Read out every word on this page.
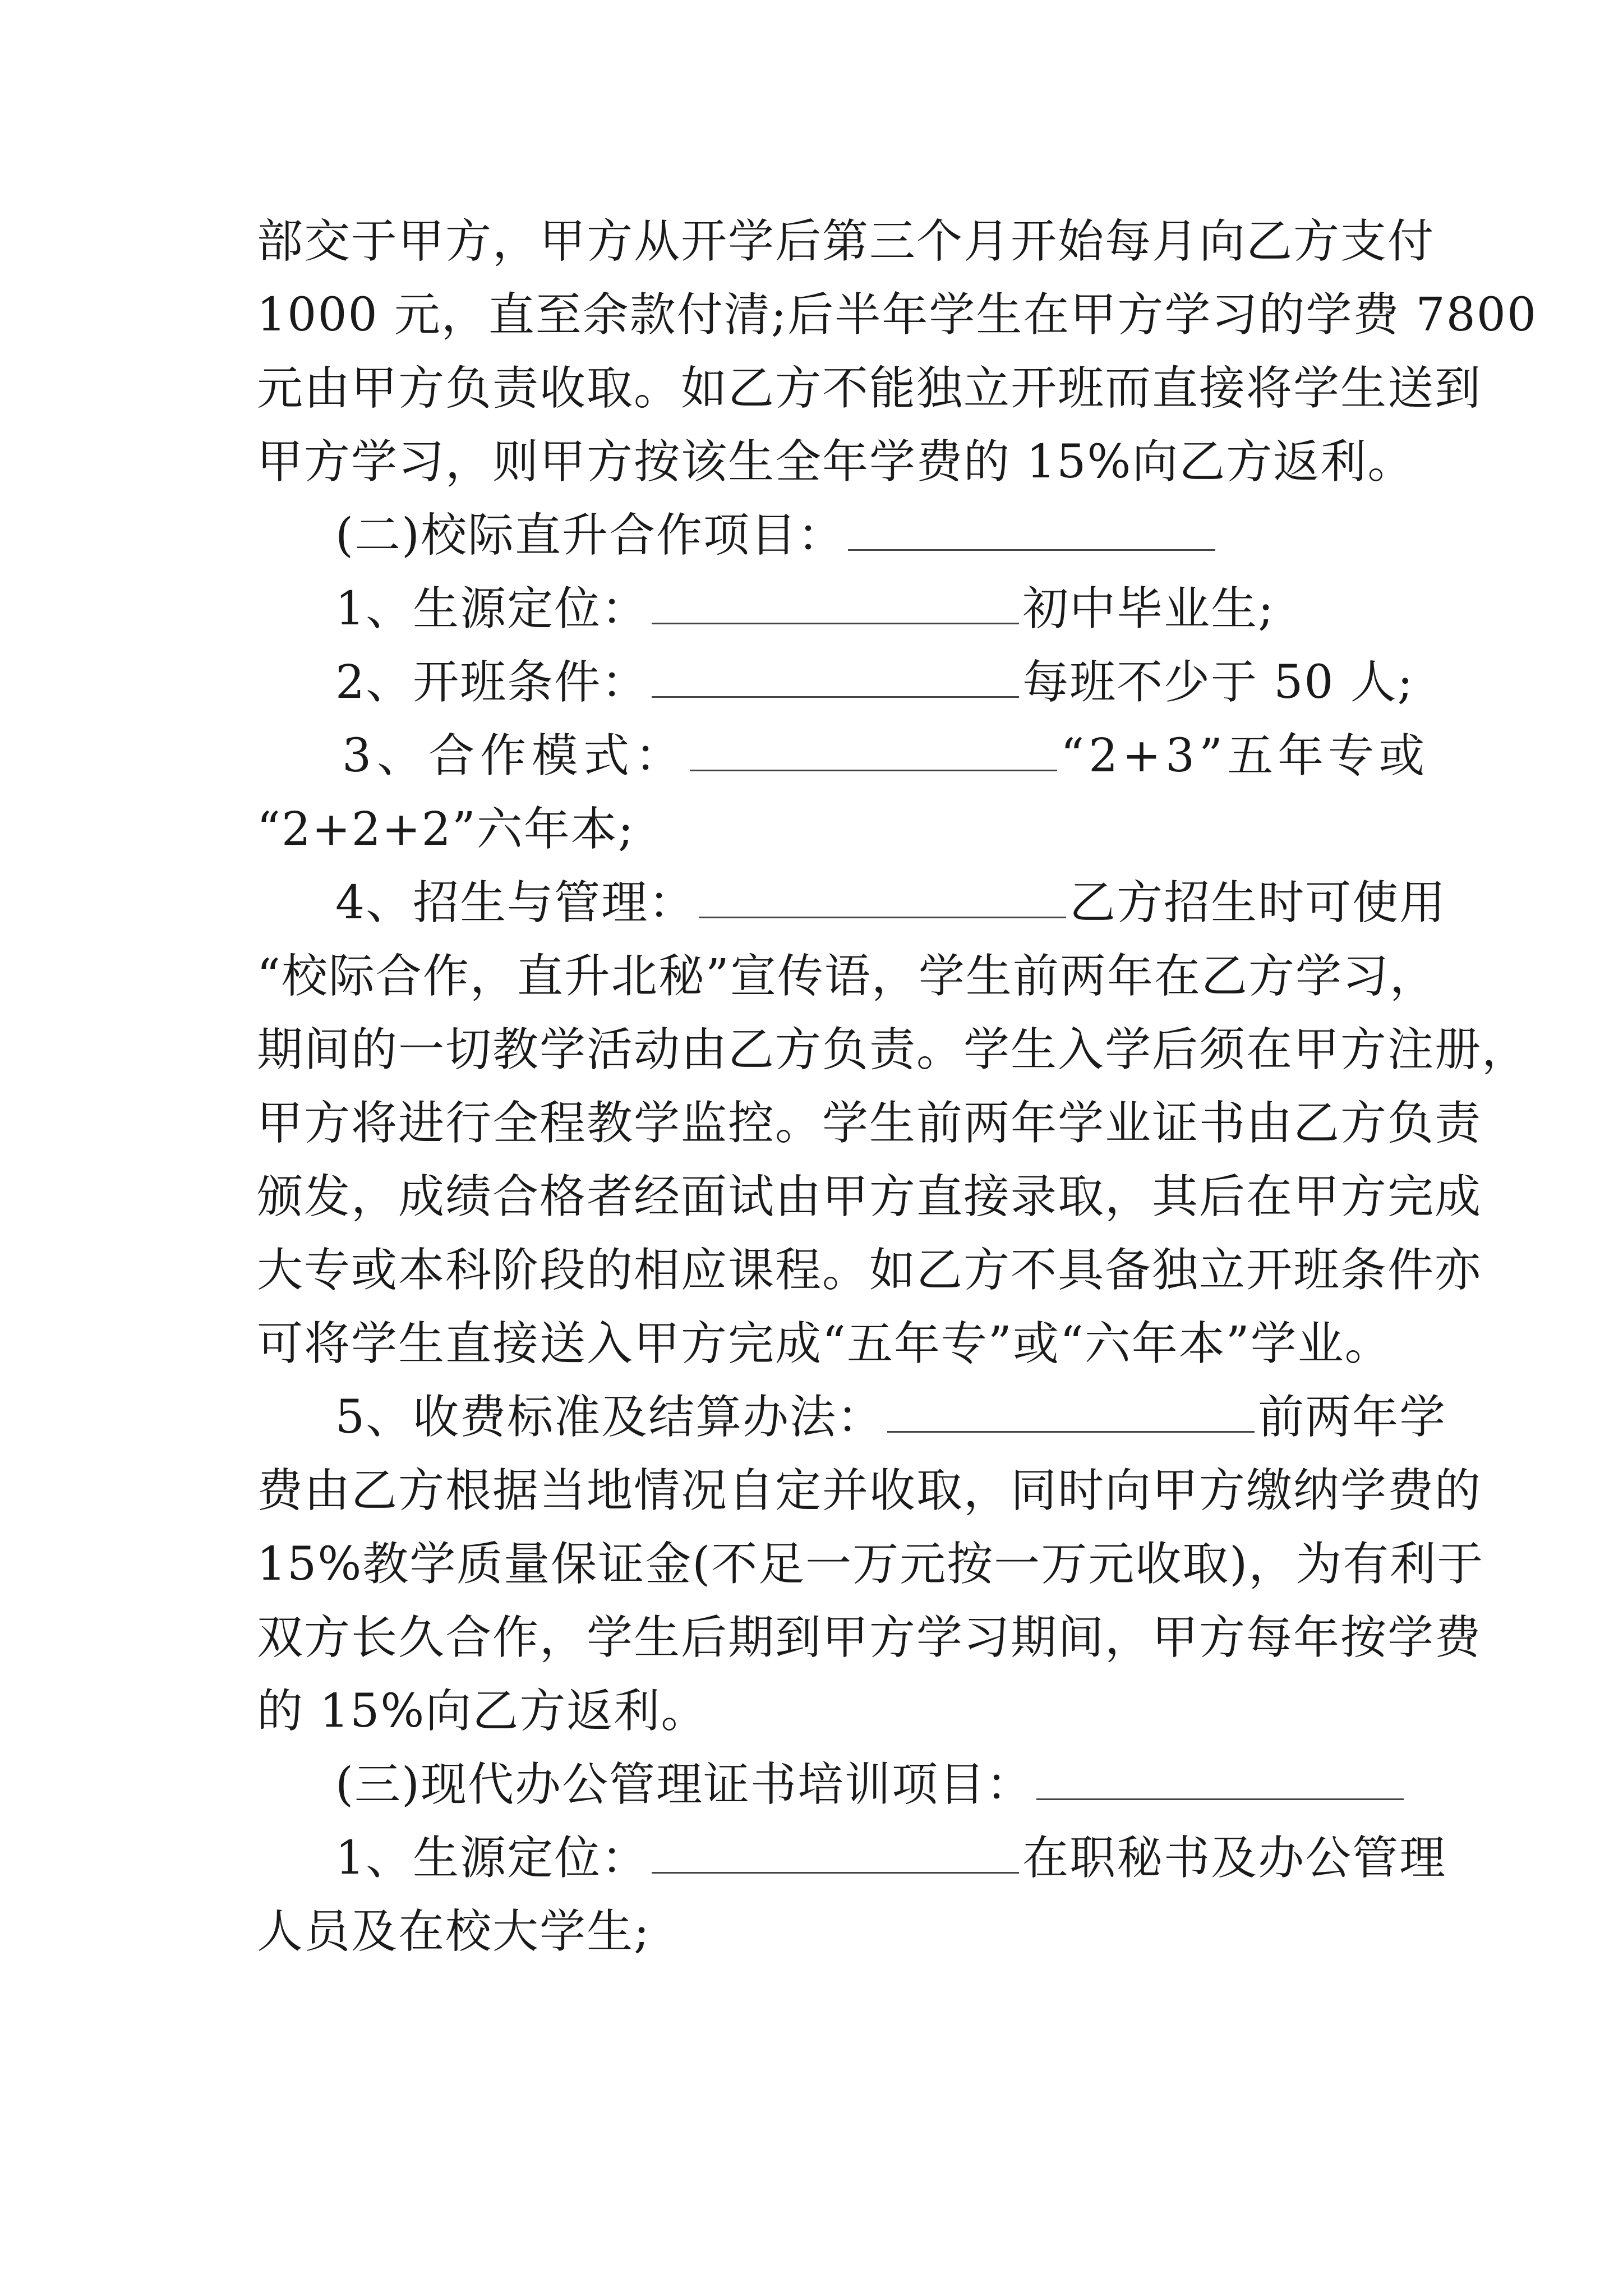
部交于甲方，甲方从开学后第三个月开始每月向乙方支付
1000 元，直至余款付清;后半年学生在甲方学习的学费 7800
元由甲方负责收取。如乙方不能独立开班而直接将学生送到
甲方学习，则甲方按该生全年学费的 15%向乙方返利。
(二)校际直升合作项目：
1、生源定位：	初中毕业生;
2、开班条件：	每班不少于 50 人;
3、合作模式：	“2+3”五年专或
“2+2+2”六年本;
4、招生与管理：	乙方招生时可使用
“校际合作，直升北秘”宣传语，学生前两年在乙方学习，
期间的一切教学活动由乙方负责。学生入学后须在甲方注册，
甲方将进行全程教学监控。学生前两年学业证书由乙方负责
颁发，成绩合格者经面试由甲方直接录取，其后在甲方完成
大专或本科阶段的相应课程。如乙方不具备独立开班条件亦
可将学生直接送入甲方完成“五年专”或“六年本”学业。
5、收费标准及结算办法：	前两年学
费由乙方根据当地情况自定并收取，同时向甲方缴纳学费的
15%教学质量保证金(不足一万元按一万元收取)，为有利于
双方长久合作，学生后期到甲方学习期间，甲方每年按学费
的 15%向乙方返利。
(三)现代办公管理证书培训项目：
1、生源定位：	在职秘书及办公管理
人员及在校大学生;
